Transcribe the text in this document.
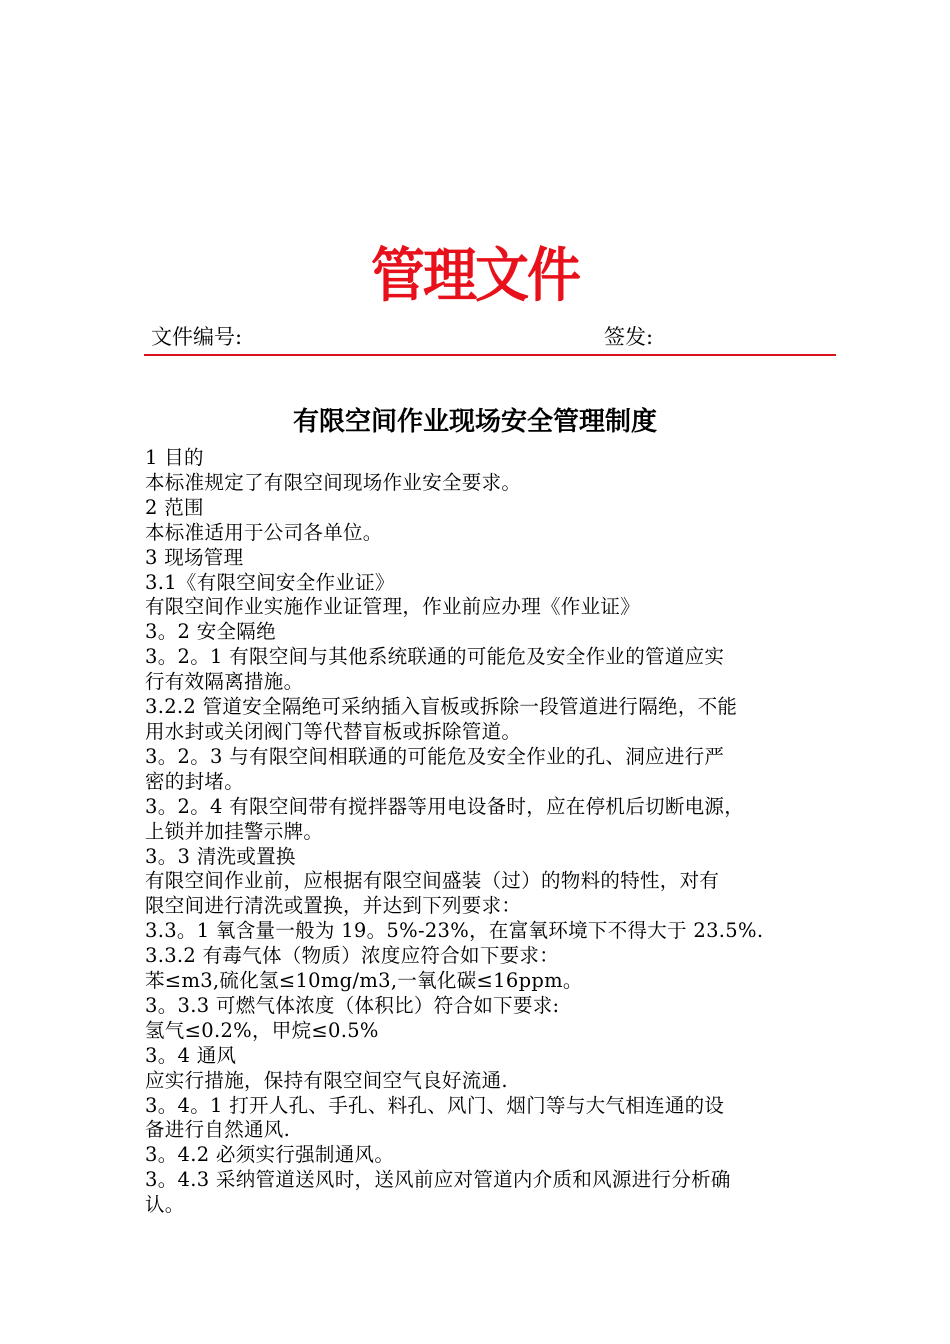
管理文件
文件编号:	签发:
有限空间作业现场安全管理制度
1 目的
本标准规定了有限空间现场作业安全要求。
2 范围
本标准适用于公司各单位。
3 现场管理
3.1《有限空间安全作业证》
有限空间作业实施作业证管理，作业前应办理《作业证》
3。2 安全隔绝
3。2。1 有限空间与其他系统联通的可能危及安全作业的管道应实
行有效隔离措施。
3.2.2 管道安全隔绝可采纳插入盲板或拆除一段管道进行隔绝，不能
用水封或关闭阀门等代替盲板或拆除管道。
3。2。3 与有限空间相联通的可能危及安全作业的孔、洞应进行严
密的封堵。
3。2。4 有限空间带有搅拌器等用电设备时，应在停机后切断电源，
上锁并加挂警示牌。
3。3 清洗或置换
有限空间作业前，应根据有限空间盛装（过）的物料的特性，对有
限空间进行清洗或置换，并达到下列要求：
3.3。1 氧含量一般为 19。5%-23%，在富氧环境下不得大于 23.5%.
3.3.2 有毒气体（物质）浓度应符合如下要求：
苯≤m3,硫化氢≤10mg/m3,一氧化碳≤16ppm。
3。3.3 可燃气体浓度（体积比）符合如下要求:
氢气≤0.2%，甲烷≤0.5%
3。4 通风
应实行措施，保持有限空间空气良好流通.
3。4。1 打开人孔、手孔、料孔、风门、烟门等与大气相连通的设
备进行自然通风.
3。4.2 必须实行强制通风。
3。4.3 采纳管道送风时，送风前应对管道内介质和风源进行分析确
认。
